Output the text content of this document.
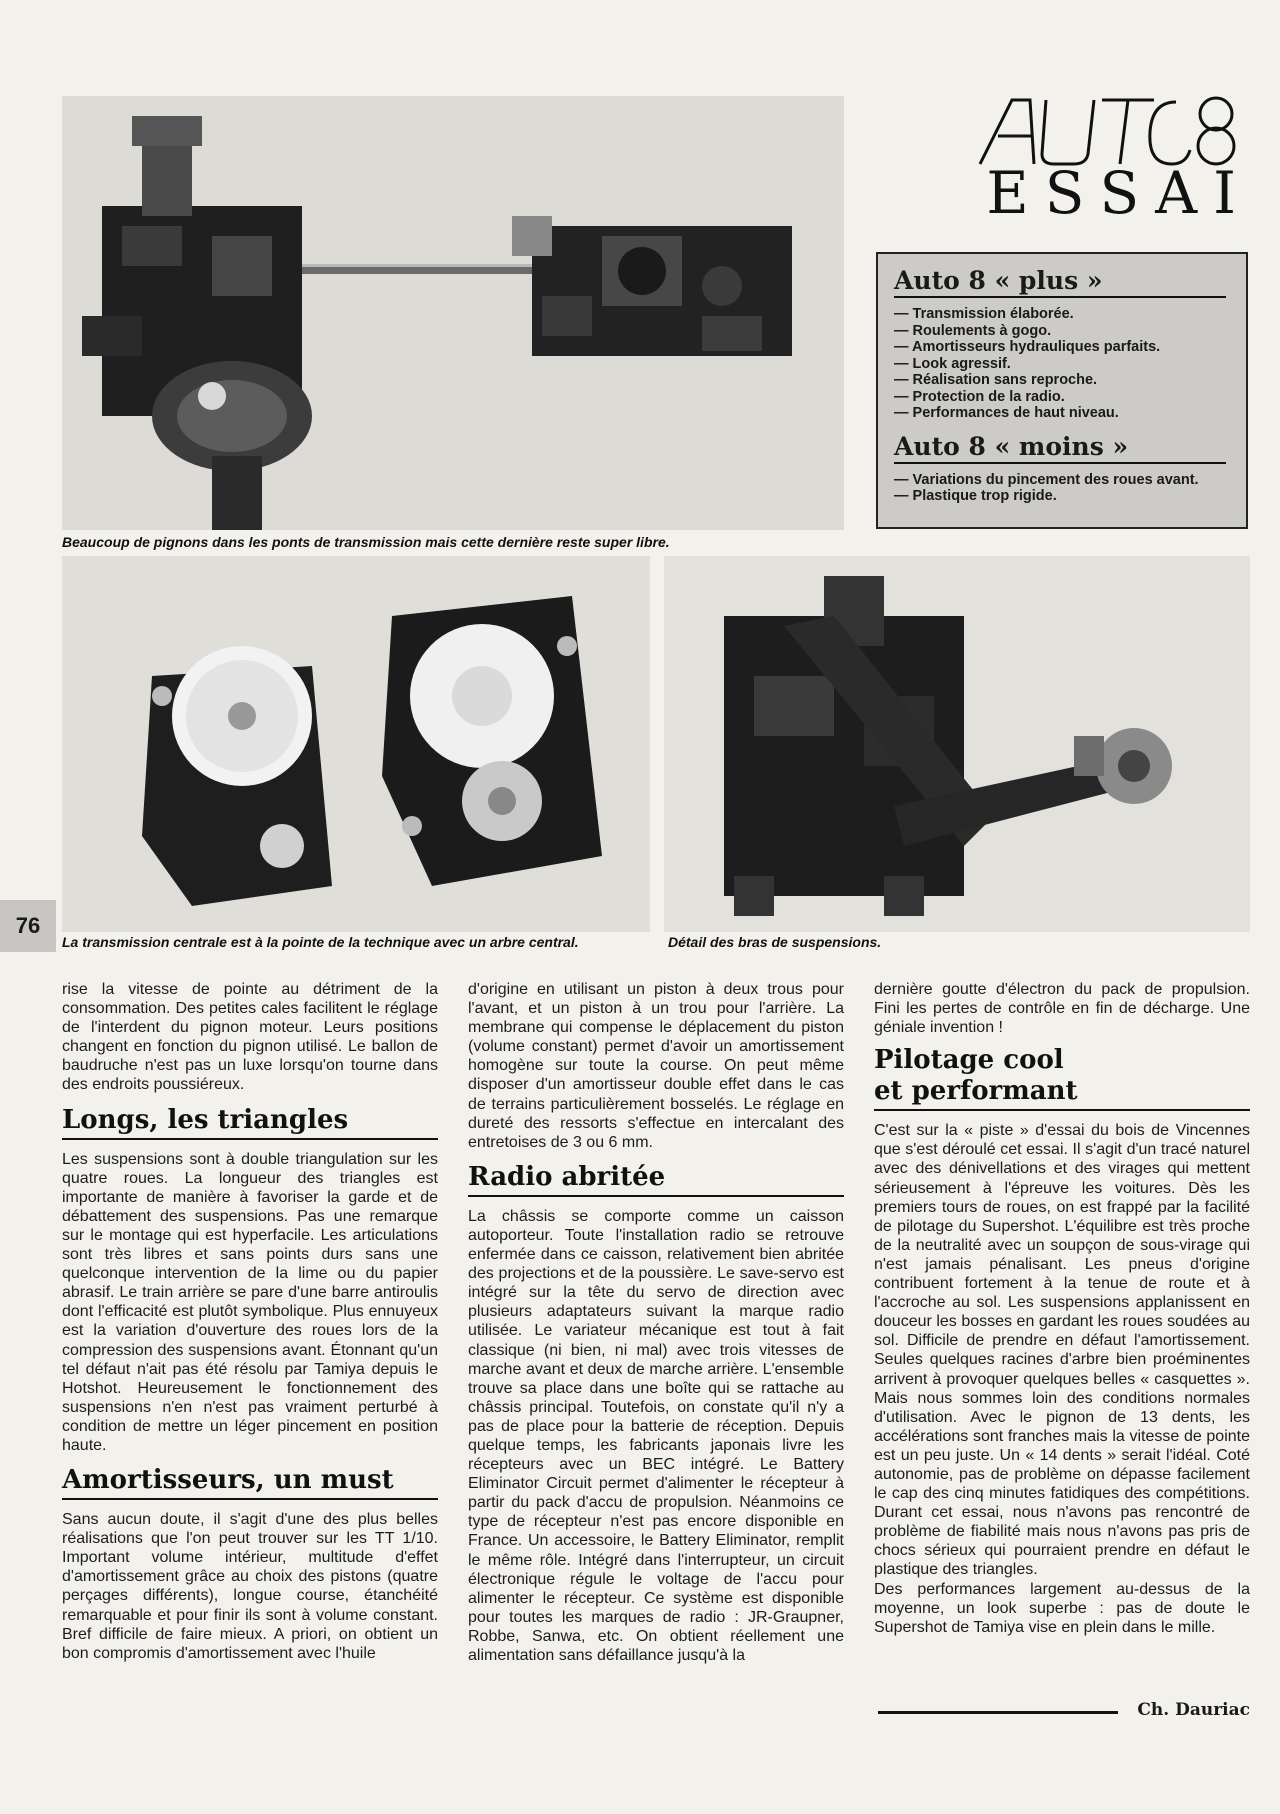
Beaucoup de pignons dans les ponts de transmission mais cette dernière reste super libre.
AUTO8
ESSAI
Auto 8 « plus »
— Transmission élaborée.
— Roulements à gogo.
— Amortisseurs hydrauliques parfaits.
— Look agressif.
— Réalisation sans reproche.
— Protection de la radio.
— Performances de haut niveau.
Auto 8 « moins »
— Variations du pincement des roues avant.
— Plastique trop rigide.
La transmission centrale est à la pointe de la technique avec un arbre central.	Détail des bras de suspensions.
76

rise la vitesse de pointe au détriment de la consommation. Des petites cales facilitent le réglage de l'interdent du pignon moteur. Leurs positions changent en fonction du pignon utilisé. Le ballon de baudruche n'est pas un luxe lorsqu'on tourne dans des endroits poussiéreux.

Longs, les triangles

Les suspensions sont à double triangulation sur les quatre roues. La longueur des triangles est importante de manière à favoriser la garde et de débattement des suspensions. Pas une remarque sur le montage qui est hyperfacile. Les articulations sont très libres et sans points durs sans une quelconque intervention de la lime ou du papier abrasif. Le train arrière se pare d'une barre antiroulis dont l'efficacité est plutôt symbolique. Plus ennuyeux est la variation d'ouverture des roues lors de la compression des suspensions avant. Étonnant qu'un tel défaut n'ait pas été résolu par Tamiya depuis le Hotshot. Heureusement le fonctionnement des suspensions n'en n'est pas vraiment perturbé à condition de mettre un léger pincement en position haute.

Amortisseurs, un must

Sans aucun doute, il s'agit d'une des plus belles réalisations que l'on peut trouver sur les TT 1/10. Important volume intérieur, multitude d'effet d'amortissement grâce au choix des pistons (quatre perçages différents), longue course, étanchéité remarquable et pour finir ils sont à volume constant. Bref difficile de faire mieux. A priori, on obtient un bon compromis d'amortissement avec l'huile

d'origine en utilisant un piston à deux trous pour l'avant, et un piston à un trou pour l'arrière. La membrane qui compense le déplacement du piston (volume constant) permet d'avoir un amortissement homogène sur toute la course. On peut même disposer d'un amortisseur double effet dans le cas de terrains particulièrement bosselés. Le réglage en dureté des ressorts s'effectue en intercalant des entretoises de 3 ou 6 mm.

Radio abritée

La châssis se comporte comme un caisson autoporteur. Toute l'installation radio se retrouve enfermée dans ce caisson, relativement bien abritée des projections et de la poussière. Le save-servo est intégré sur la tête du servo de direction avec plusieurs adaptateurs suivant la marque radio utilisée. Le variateur mécanique est tout à fait classique (ni bien, ni mal) avec trois vitesses de marche avant et deux de marche arrière. L'ensemble trouve sa place dans une boîte qui se rattache au châssis principal. Toutefois, on constate qu'il n'y a pas de place pour la batterie de réception. Depuis quelque temps, les fabricants japonais livre les récepteurs avec un BEC intégré. Le Battery Eliminator Circuit permet d'alimenter le récepteur à partir du pack d'accu de propulsion. Néanmoins ce type de récepteur n'est pas encore disponible en France. Un accessoire, le Battery Eliminator, remplit le même rôle. Intégré dans l'interrupteur, un circuit électronique régule le voltage de l'accu pour alimenter le récepteur. Ce système est disponible pour toutes les marques de radio : JR-Graupner, Robbe, Sanwa, etc. On obtient réellement une alimentation sans défaillance jusqu'à la

dernière goutte d'électron du pack de propulsion. Fini les pertes de contrôle en fin de décharge. Une géniale invention !

Pilotage cool
et performant

C'est sur la « piste » d'essai du bois de Vincennes que s'est déroulé cet essai. Il s'agit d'un tracé naturel avec des dénivellations et des virages qui mettent sérieusement à l'épreuve les voitures. Dès les premiers tours de roues, on est frappé par la facilité de pilotage du Supershot. L'équilibre est très proche de la neutralité avec un soupçon de sous-virage qui n'est jamais pénalisant. Les pneus d'origine contribuent fortement à la tenue de route et à l'accroche au sol. Les suspensions applanissent en douceur les bosses en gardant les roues soudées au sol. Difficile de prendre en défaut l'amortissement. Seules quelques racines d'arbre bien proéminentes arrivent à provoquer quelques belles « casquettes ». Mais nous sommes loin des conditions normales d'utilisation. Avec le pignon de 13 dents, les accélérations sont franches mais la vitesse de pointe est un peu juste. Un « 14 dents » serait l'idéal. Coté autonomie, pas de problème on dépasse facilement le cap des cinq minutes fatidiques des compétitions. Durant cet essai, nous n'avons pas rencontré de problème de fiabilité mais nous n'avons pas pris de chocs sérieux qui pourraient prendre en défaut le plastique des triangles.

Des performances largement au-dessus de la moyenne, un look superbe : pas de doute le Supershot de Tamiya vise en plein dans le mille.

Ch. Dauriac
